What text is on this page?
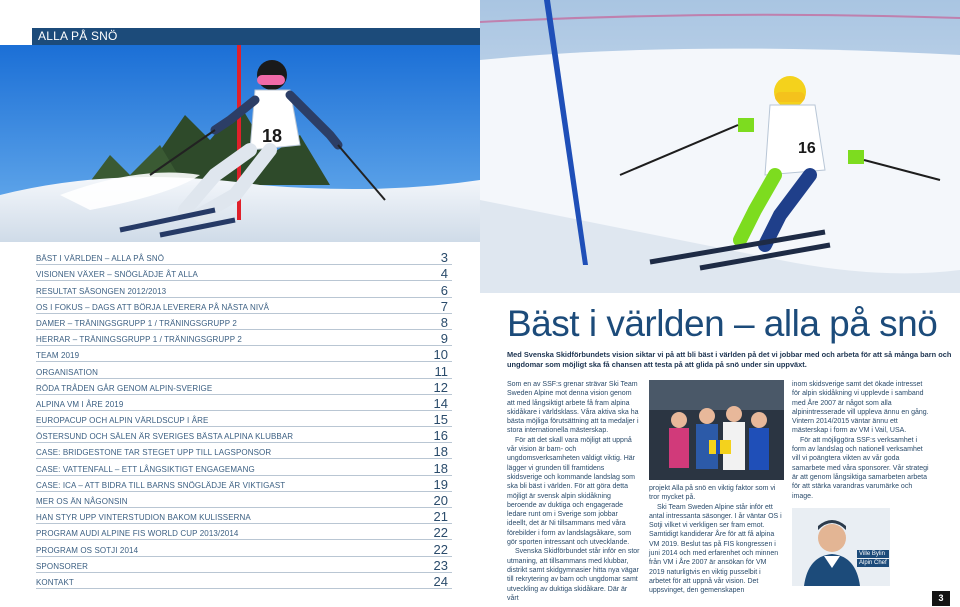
ALLA PÅ SNÖ
18
BÄST I VÄRLDEN – ALLA PÅ SNÖ	3
VISIONEN VÄXER – SNÖGLÄDJE ÅT ALLA	4
RESULTAT SÄSONGEN 2012/2013	6
OS I FOKUS – DAGS ATT BÖRJA LEVERERA PÅ NÄSTA NIVÅ	7
DAMER – TRÄNINGSGRUPP 1 / TRÄNINGSGRUPP 2	8
HERRAR – TRÄNINGSGRUPP 1 / TRÄNINGSGRUPP 2	9
TEAM 2019	10
ORGANISATION	11
RÖDA TRÅDEN GÅR GENOM ALPIN-SVERIGE	12
ALPINA VM I ÅRE 2019	14
EUROPACUP OCH ALPIN VÄRLDSCUP I ÅRE	15
ÖSTERSUND OCH SÄLEN ÄR SVERIGES BÄSTA ALPINA KLUBBAR	16
CASE: BRIDGESTONE TAR STEGET UPP TILL LAGSPONSOR	18
CASE: VATTENFALL – ETT LÅNGSIKTIGT ENGAGEMANG	18
CASE: ICA – ATT BIDRA TILL BARNS SNÖGLÄDJE ÄR VIKTIGAST	19
MER OS ÄN NÅGONSIN	20
HAN STYR UPP VINTERSTUDION BAKOM KULISSERNA	21
PROGRAM AUDI ALPINE FIS WORLD CUP 2013/2014	22
PROGRAM OS SOTJI 2014	22
SPONSORER	23
KONTAKT	24
16
Bäst i världen – alla på snö
Med Svenska Skidförbundets vision siktar vi på att bli bäst i världen på det vi jobbar med och arbeta för att så många barn och ungdomar som möjligt ska få chansen att testa på att glida på snö under sin uppväxt.

Som en av SSF:s grenar strävar Ski Team Sweden Alpine mot denna vision genom att med långsiktigt arbete få fram alpina skidåkare i världsklass. Våra aktiva ska ha bästa möjliga förutsättning att ta medaljer i stora internationella mästerskap.

För att det skall vara möjligt att uppnå vår vision är barn- och ungdomsverksamheten väldigt viktig. Här lägger vi grunden till framtidens skidsverige och kommande landslag som ska bli bäst i världen. För att göra detta möjligt är svensk alpin skidåkning beroende av duktiga och engagerade ledare runt om i Sverige som jobbar ideellt, det är Ni tillsammans med våra förebilder i form av landslagsåkare, som gör sporten intressant och utvecklande.

Svenska Skidförbundet står inför en stor utmaning, att tillsammans med klubbar, distrikt samt skidgymnasier hitta nya vägar till rekrytering av barn och ungdomar samt utveckling av duktiga skidåkare. Där är vårt

projekt Alla på snö en viktig faktor som vi tror mycket på.

Ski Team Sweden Alpine står inför ett antal intressanta säsonger. I år väntar OS i Sotji vilket vi verkligen ser fram emot. Samtidigt kandiderar Åre för att få alpina VM 2019. Beslut tas på FIS kongressen i juni 2014 och med erfarenhet och minnen från VM i Åre 2007 är ansökan för VM 2019 naturligtvis en viktig pusselbit i arbetet för att uppnå vår vision. Det uppsvinget, den gemenskapen

inom skidsverige samt det ökade intresset för alpin skidåkning vi upplevde i samband med Åre 2007 är något som alla alpinintresserade vill uppleva ännu en gång. Vintern 2014/2015 väntar ännu ett mästerskap i form av VM i Vail, USA.

För att möjliggöra SSF:s verksamhet i form av landslag och nationell verksamhet vill vi poängtera vikten av vår goda samarbete med våra sponsorer. Vår strategi är att genom långsiktiga samarbeten arbeta för att stärka varandras varumärke och image.

Ville Bylin
Alpin Chef
3
